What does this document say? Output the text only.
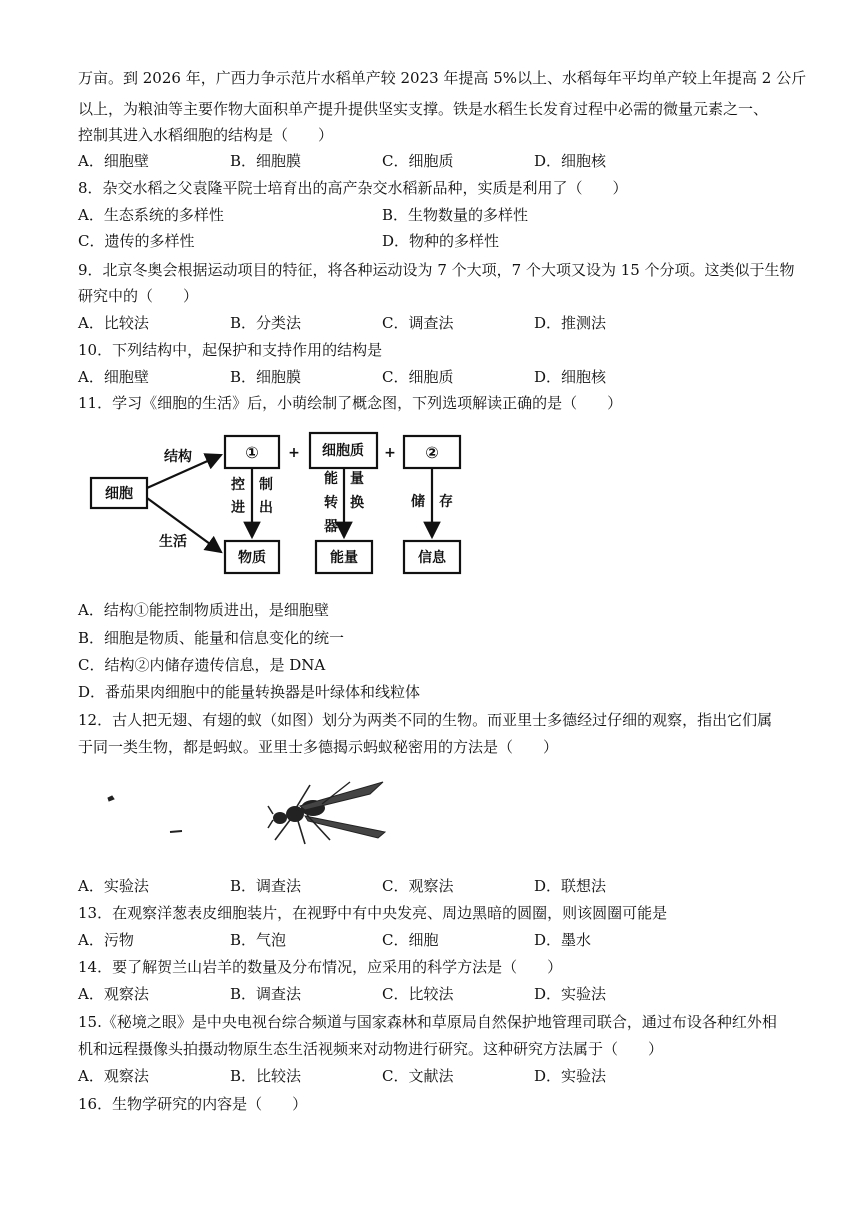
万亩。到 2026 年，广西力争示范片水稻单产较 2023 年提高 5%以上、水稻每年平均单产较上年提高 2 公斤
以上，为粮油等主要作物大面积单产提升提供坚实支撑。铁是水稻生长发育过程中必需的微量元素之一、
控制其进入水稻细胞的结构是（　　）
A．细胞壁	B．细胞膜	C．细胞质	D．细胞核
8．杂交水稻之父袁隆平院士培育出的高产杂交水稻新品种，实质是利用了（　　）
A．生态系统的多样性	B．生物数量的多样性
C．遗传的多样性	D．物种的多样性
9．北京冬奥会根据运动项目的特征，将各种运动设为 7 个大项，7 个大项又设为 15 个分项。这类似于生物
研究中的（　　）
A．比较法	B．分类法	C．调查法	D．推测法
10．下列结构中，起保护和支持作用的结构是
A．细胞壁	B．细胞膜	C．细胞质	D．细胞核
11．学习《细胞的生活》后，小萌绘制了概念图，下列选项解读正确的是（　　）
细胞
结构
生活
① + 细胞质 + ②
控 制
进 出
能 量
转 换
器
储 存
物质	能量	信息
A．结构①能控制物质进出，是细胞壁
B．细胞是物质、能量和信息变化的统一
C．结构②内储存遗传信息，是 DNA
D．番茄果肉细胞中的能量转换器是叶绿体和线粒体
12．古人把无翅、有翅的蚁（如图）划分为两类不同的生物。而亚里士多德经过仔细的观察，指出它们属
于同一类生物，都是蚂蚁。亚里士多德揭示蚂蚁秘密用的方法是（　　）
A．实验法	B．调查法	C．观察法	D．联想法
13．在观察洋葱表皮细胞装片，在视野中有中央发亮、周边黑暗的圆圈，则该圆圈可能是
A．污物	B．气泡	C．细胞	D．墨水
14．要了解贺兰山岩羊的数量及分布情况，应采用的科学方法是（　　）
A．观察法	B．调查法	C．比较法	D．实验法
15.《秘境之眼》是中央电视台综合频道与国家森林和草原局自然保护地管理司联合，通过布设各种红外相
机和远程摄像头拍摄动物原生态生活视频来对动物进行研究。这种研究方法属于（　　）
A．观察法	B．比较法	C．文献法	D．实验法
16．生物学研究的内容是（　　）
